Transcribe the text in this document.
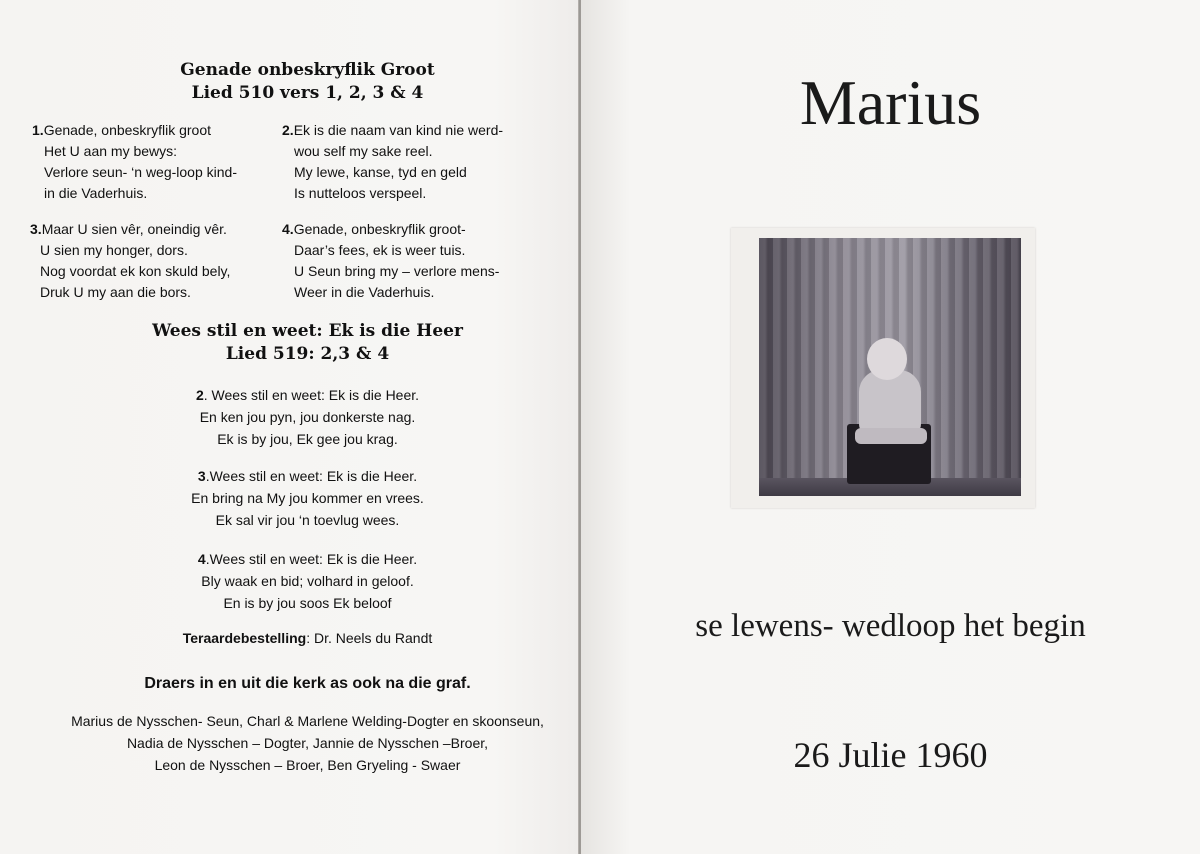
Genade onbeskryflik Groot
Lied 510 vers 1, 2, 3 & 4
1.Genade, onbeskryflik groot
Het U aan my bewys:
Verlore seun- ‘n weg-loop kind-
in die Vaderhuis.
2.Ek is die naam van kind nie werd-
wou self my sake reel.
My lewe, kanse, tyd en geld
Is nutteloos verspeel.
3.Maar U sien vêr, oneindig vêr.
U sien my honger, dors.
Nog voordat ek kon skuld bely,
Druk U my aan die bors.
4.Genade, onbeskryflik groot-
Daar’s fees, ek is weer tuis.
U Seun bring my – verlore mens-
Weer in die Vaderhuis.
Wees stil en weet: Ek is die Heer
Lied 519: 2,3 & 4
2. Wees stil en weet: Ek is die Heer.
En ken jou pyn, jou donkerste nag.
Ek is by jou, Ek gee jou krag.
3.Wees stil en weet: Ek is die Heer.
En bring na My jou kommer en vrees.
Ek sal vir jou ‘n toevlug wees.
4.Wees stil en weet: Ek is die Heer.
Bly waak en bid; volhard in geloof.
En is by jou soos Ek beloof
Teraardebestelling: Dr. Neels du Randt
Draers in en uit die kerk as ook na die graf.
Marius de Nysschen- Seun, Charl & Marlene Welding-Dogter en skoonseun,
Nadia de Nysschen – Dogter, Jannie de Nysschen –Broer,
Leon de Nysschen – Broer, Ben Gryeling - Swaer
Marius
se lewens- wedloop het begin
26 Julie 1960
